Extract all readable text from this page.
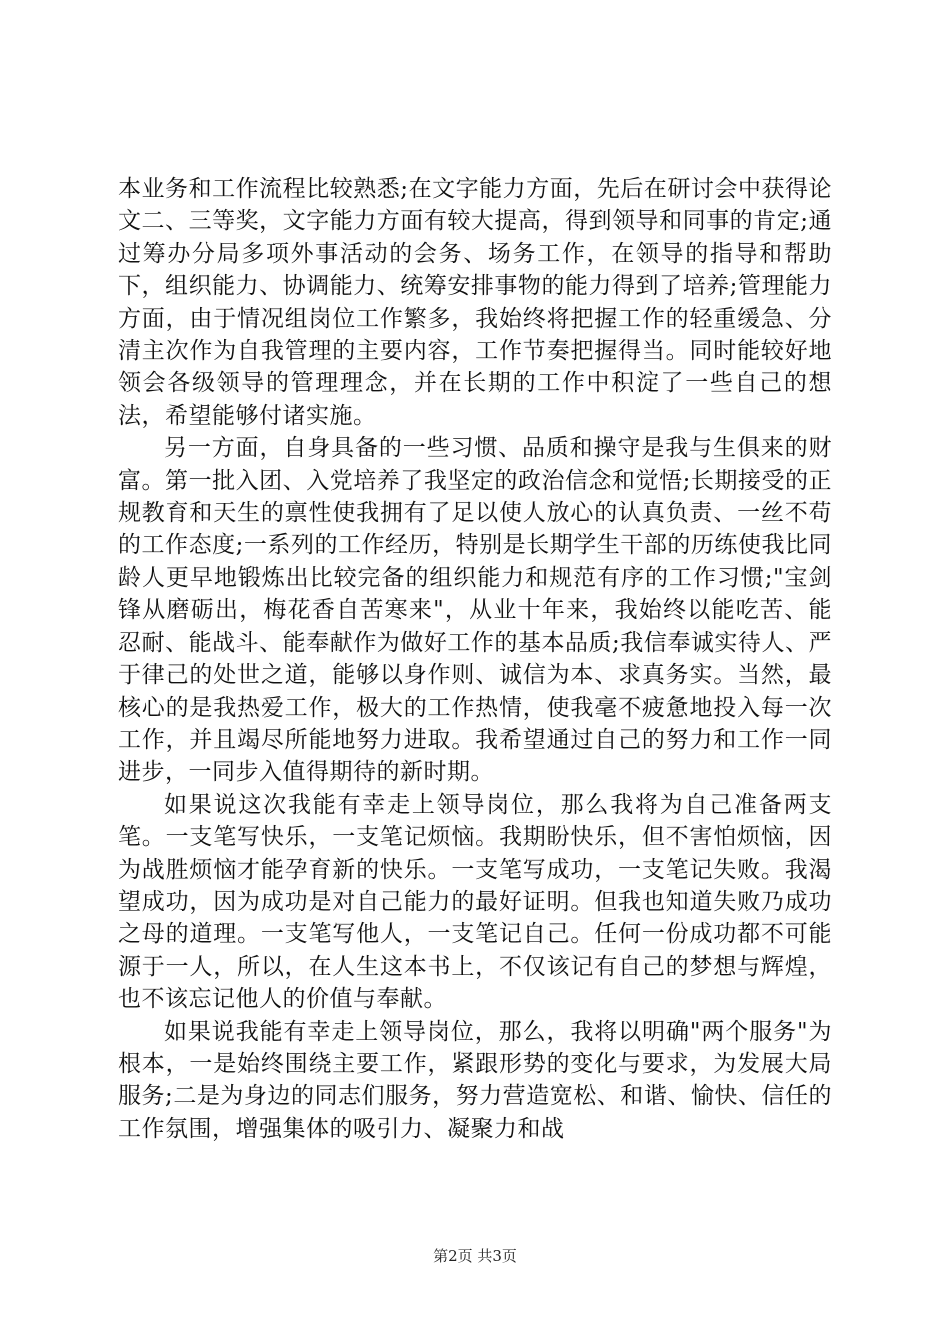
本业务和工作流程比较熟悉;在文字能力方面，先后在研讨会中获得论文二、三等奖，文字能力方面有较大提高，得到领导和同事的肯定;通过筹办分局多项外事活动的会务、场务工作，在领导的指导和帮助下，组织能力、协调能力、统筹安排事物的能力得到了培养;管理能力方面，由于情况组岗位工作繁多，我始终将把握工作的轻重缓急、分清主次作为自我管理的主要内容，工作节奏把握得当。同时能较好地领会各级领导的管理理念，并在长期的工作中积淀了一些自己的想法，希望能够付诸实施。

另一方面，自身具备的一些习惯、品质和操守是我与生俱来的财富。第一批入团、入党培养了我坚定的政治信念和觉悟;长期接受的正规教育和天生的禀性使我拥有了足以使人放心的认真负责、一丝不苟的工作态度;一系列的工作经历，特别是长期学生干部的历练使我比同龄人更早地锻炼出比较完备的组织能力和规范有序的工作习惯;"宝剑锋从磨砺出，梅花香自苦寒来"，从业十年来，我始终以能吃苦、能忍耐、能战斗、能奉献作为做好工作的基本品质;我信奉诚实待人、严于律己的处世之道，能够以身作则、诚信为本、求真务实。当然，最核心的是我热爱工作，极大的工作热情，使我毫不疲惫地投入每一次工作，并且竭尽所能地努力进取。我希望通过自己的努力和工作一同进步，一同步入值得期待的新时期。

如果说这次我能有幸走上领导岗位，那么我将为自己准备两支笔。一支笔写快乐，一支笔记烦恼。我期盼快乐，但不害怕烦恼，因为战胜烦恼才能孕育新的快乐。一支笔写成功，一支笔记失败。我渴望成功，因为成功是对自己能力的最好证明。但我也知道失败乃成功之母的道理。一支笔写他人，一支笔记自己。任何一份成功都不可能源于一人，所以，在人生这本书上，不仅该记有自己的梦想与辉煌，也不该忘记他人的价值与奉献。

如果说我能有幸走上领导岗位，那么，我将以明确"两个服务"为根本，一是始终围绕主要工作，紧跟形势的变化与要求，为发展大局服务;二是为身边的同志们服务，努力营造宽松、和谐、愉快、信任的工作氛围，增强集体的吸引力、凝聚力和战

第2页 共3页
